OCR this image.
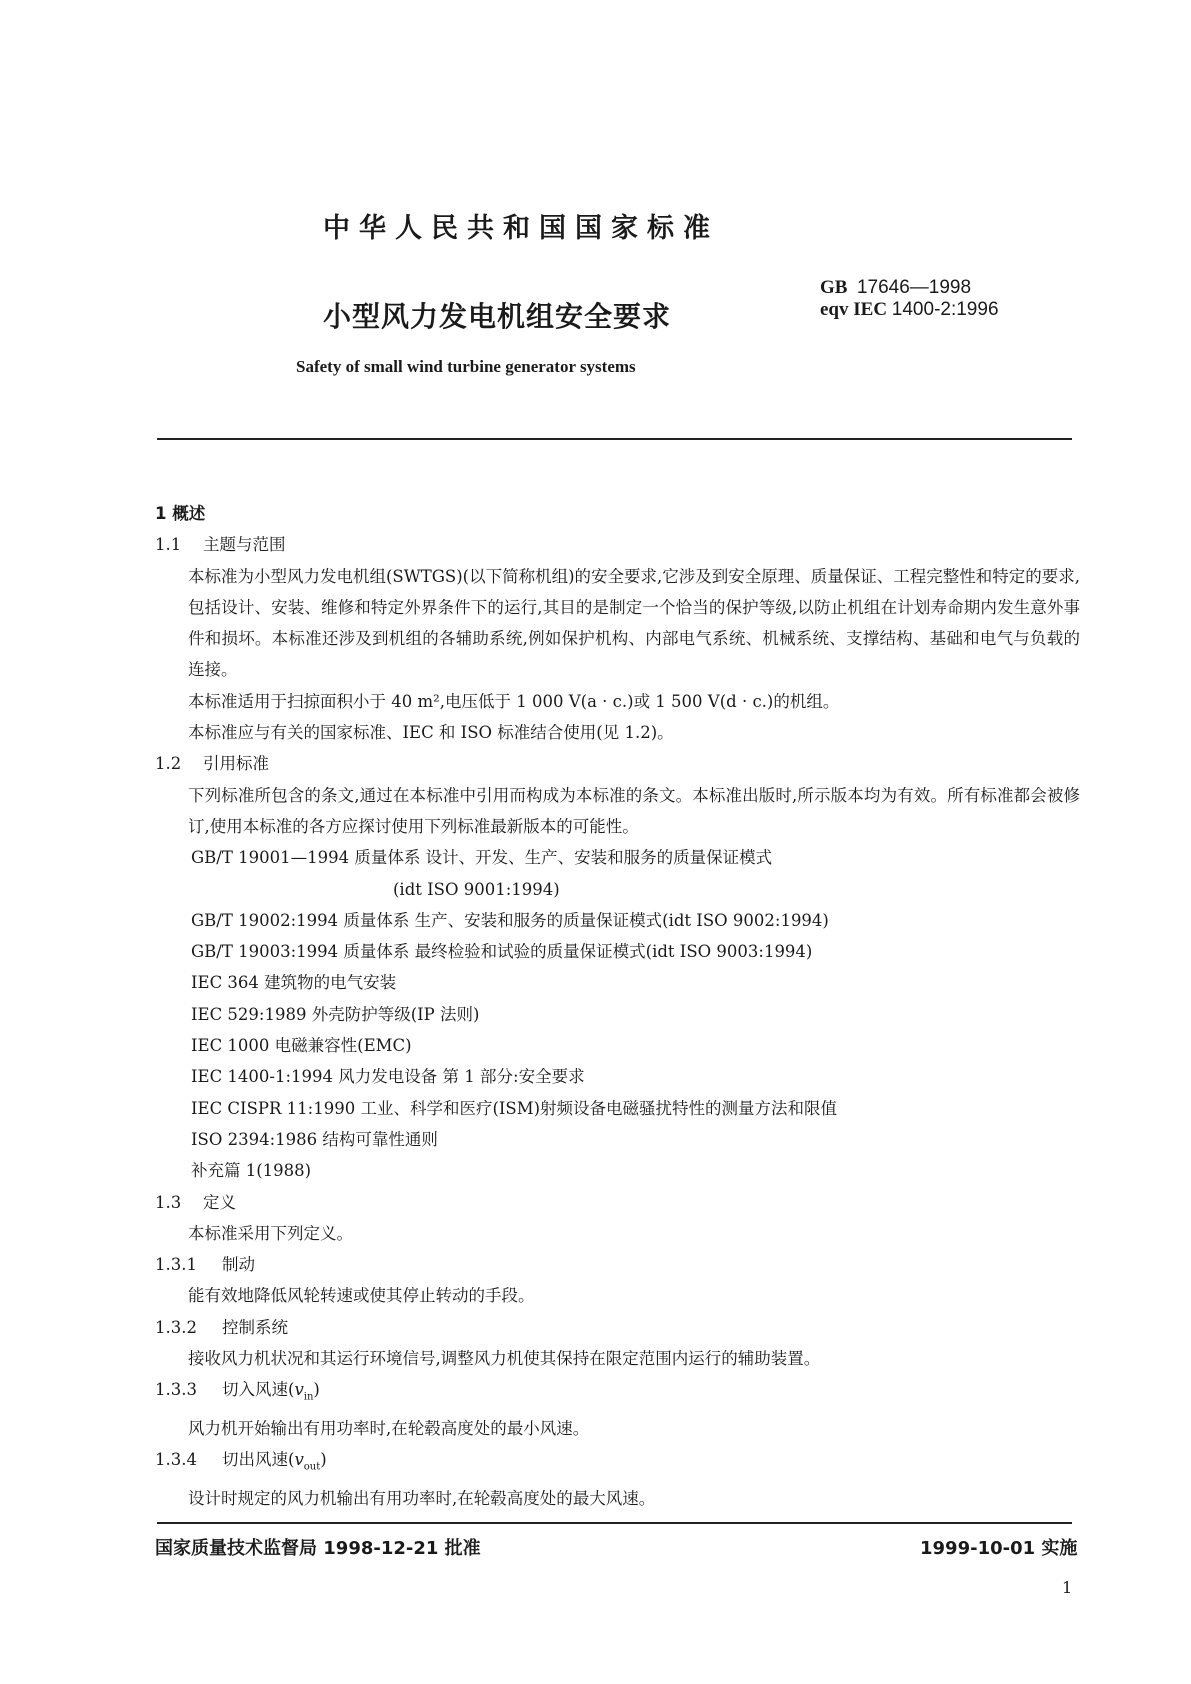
中华人民共和国国家标准
小型风力发电机组安全要求
GB 17646—1998
eqv IEC 1400-2:1996
Safety of small wind turbine generator systems

1 概述

1.1 主题与范围

本标准为小型风力发电机组(SWTGS)(以下简称机组)的安全要求,它涉及到安全原理、质量保证、工程完整性和特定的要求,包括设计、安装、维修和特定外界条件下的运行,其目的是制定一个恰当的保护等级,以防止机组在计划寿命期内发生意外事件和损坏。本标准还涉及到机组的各辅助系统,例如保护机构、内部电气系统、机械系统、支撑结构、基础和电气与负载的连接。

本标准适用于扫掠面积小于 40 m²,电压低于 1 000 V(a · c.)或 1 500 V(d · c.)的机组。

本标准应与有关的国家标准、IEC 和 ISO 标准结合使用(见 1.2)。

1.2 引用标准

下列标准所包含的条文,通过在本标准中引用而构成为本标准的条文。本标准出版时,所示版本均为有效。所有标准都会被修订,使用本标准的各方应探讨使用下列标准最新版本的可能性。

GB/T 19001—1994 质量体系 设计、开发、生产、安装和服务的质量保证模式

(idt ISO 9001:1994)

GB/T 19002:1994 质量体系 生产、安装和服务的质量保证模式(idt ISO 9002:1994)

GB/T 19003:1994 质量体系 最终检验和试验的质量保证模式(idt ISO 9003:1994)

IEC 364 建筑物的电气安装

IEC 529:1989 外壳防护等级(IP 法则)

IEC 1000 电磁兼容性(EMC)

IEC 1400-1:1994 风力发电设备 第 1 部分:安全要求

IEC CISPR 11:1990 工业、科学和医疗(ISM)射频设备电磁骚扰特性的测量方法和限值

ISO 2394:1986 结构可靠性通则

补充篇 1(1988)

1.3 定义

本标准采用下列定义。

1.3.1 制动

能有效地降低风轮转速或使其停止转动的手段。

1.3.2 控制系统

接收风力机状况和其运行环境信号,调整风力机使其保持在限定范围内运行的辅助装置。

1.3.3 切入风速$(v_{in})$

风力机开始输出有用功率时,在轮毂高度处的最小风速。

1.3.4 切出风速$(v_{out})$

设计时规定的风力机输出有用功率时,在轮毂高度处的最大风速。

国家质量技术监督局 1998-12-21 批准	1999-10-01 实施
1
